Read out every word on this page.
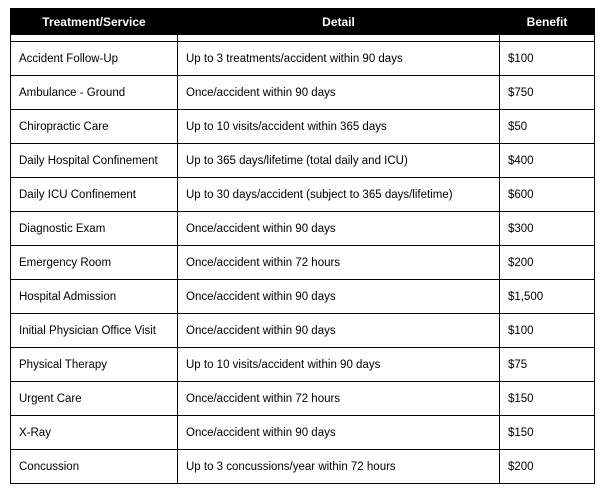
Treatment/Service	Detail	Benefit

Accident Follow-Up	Up to 3 treatments/accident within 90 days	$100
Ambulance - Ground	Once/accident within 90 days	$750
Chiropractic Care	Up to 10 visits/accident within 365 days	$50
Daily Hospital Confinement	Up to 365 days/lifetime (total daily and ICU)	$400
Daily ICU Confinement	Up to 30 days/accident (subject to 365 days/lifetime)	$600
Diagnostic Exam	Once/accident within 90 days	$300
Emergency Room	Once/accident within 72 hours	$200
Hospital Admission	Once/accident within 90 days	$1,500
Initial Physician Office Visit	Once/accident within 90 days	$100
Physical Therapy	Up to 10 visits/accident within 90 days	$75
Urgent Care	Once/accident within 72 hours	$150
X-Ray	Once/accident within 90 days	$150
Concussion	Up to 3 concussions/year within 72 hours	$200
